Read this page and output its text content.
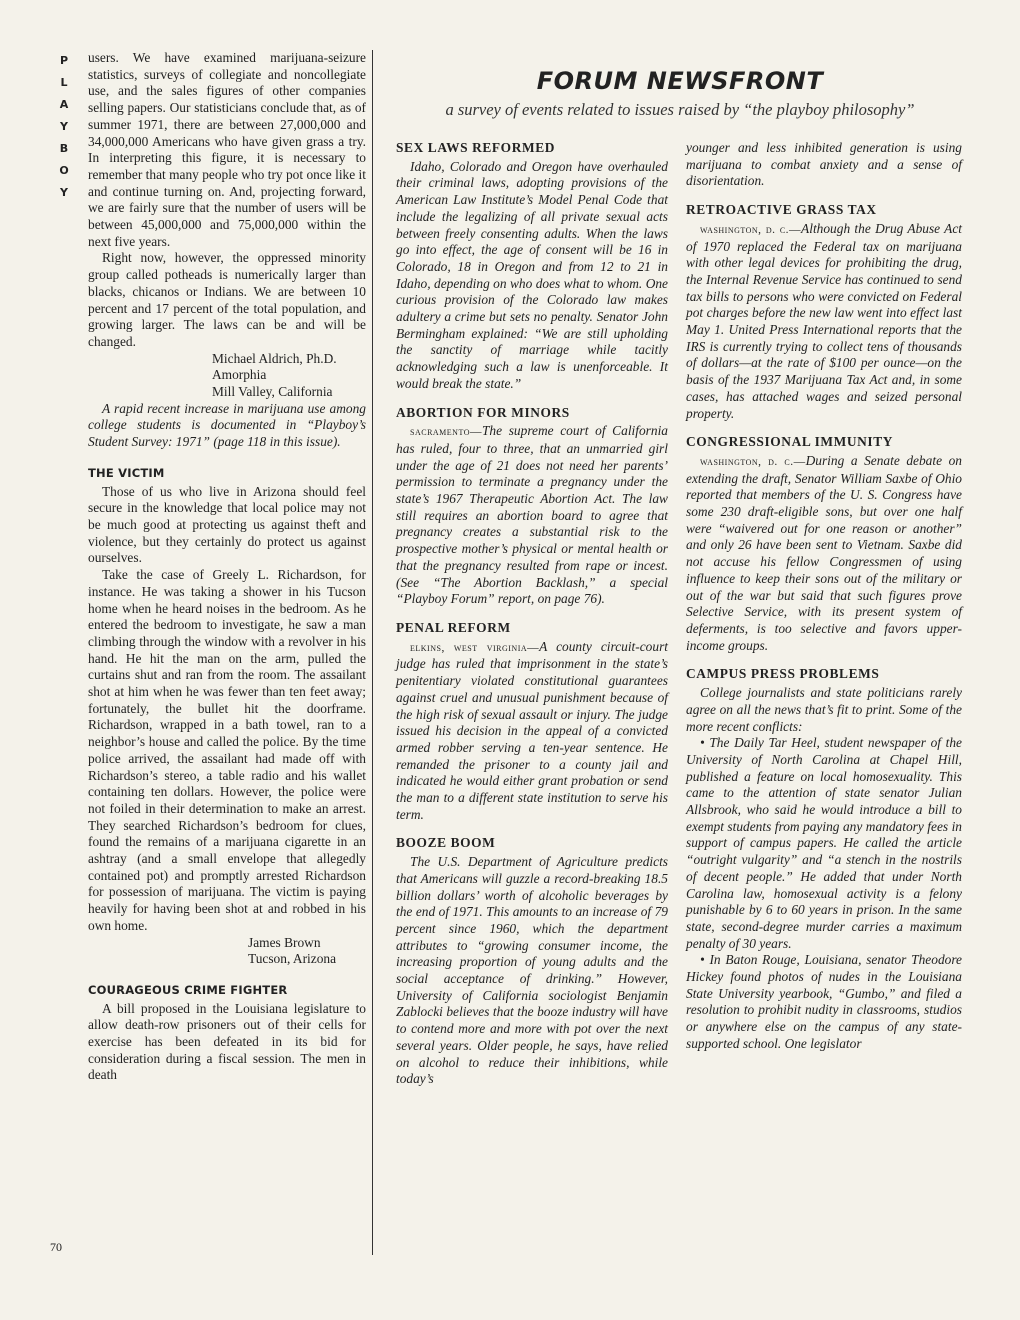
P
L
A
Y
B
O
Y
70

users. We have examined marijuana-seizure statistics, surveys of collegiate and noncollegiate use, and the sales figures of other companies selling papers. Our statisticians conclude that, as of summer 1971, there are between 27,000,000 and 34,000,000 Americans who have given grass a try. In interpreting this figure, it is necessary to remember that many people who try pot once like it and continue turning on. And, projecting forward, we are fairly sure that the number of users will be between 45,000,000 and 75,000,000 within the next five years.

Right now, however, the oppressed minority group called potheads is numerically larger than blacks, chicanos or Indians. We are between 10 percent and 17 percent of the total population, and growing larger. The laws can be and will be changed.

Michael Aldrich, Ph.D.

Amorphia

Mill Valley, California

A rapid recent increase in marijuana use among college students is documented in “Playboy’s Student Survey: 1971” (page 118 in this issue).

THE VICTIM

Those of us who live in Arizona should feel secure in the knowledge that local police may not be much good at protecting us against theft and violence, but they certainly do protect us against ourselves.

Take the case of Greely L. Richardson, for instance. He was taking a shower in his Tucson home when he heard noises in the bedroom. As he entered the bedroom to investigate, he saw a man climbing through the window with a revolver in his hand. He hit the man on the arm, pulled the curtains shut and ran from the room. The assailant shot at him when he was fewer than ten feet away; fortunately, the bullet hit the doorframe. Richardson, wrapped in a bath towel, ran to a neighbor’s house and called the police. By the time police arrived, the assailant had made off with Richardson’s stereo, a table radio and his wallet containing ten dollars. However, the police were not foiled in their determination to make an arrest. They searched Richardson’s bedroom for clues, found the remains of a marijuana cigarette in an ashtray (and a small envelope that allegedly contained pot) and promptly arrested Richardson for possession of marijuana. The victim is paying heavily for having been shot at and robbed in his own home.

James Brown

Tucson, Arizona

COURAGEOUS CRIME FIGHTER

A bill proposed in the Louisiana legislature to allow death-row prisoners out of their cells for exercise has been defeated in its bid for consideration during a fiscal session. The men in death

FORUM NEWSFRONT
a survey of events related to issues raised by “the playboy philosophy”
SEX LAWS REFORMED

Idaho, Colorado and Oregon have overhauled their criminal laws, adopting provisions of the American Law Institute’s Model Penal Code that include the legalizing of all private sexual acts between freely consenting adults. When the laws go into effect, the age of consent will be 16 in Colorado, 18 in Oregon and from 12 to 21 in Idaho, depending on who does what to whom. One curious provision of the Colorado law makes adultery a crime but sets no penalty. Senator John Bermingham explained: “We are still upholding the sanctity of marriage while tacitly acknowledging such a law is unenforceable. It would break the state.”

ABORTION FOR MINORS

sacramento—The supreme court of California has ruled, four to three, that an unmarried girl under the age of 21 does not need her parents’ permission to terminate a pregnancy under the state’s 1967 Therapeutic Abortion Act. The law still requires an abortion board to agree that pregnancy creates a substantial risk to the prospective mother’s physical or mental health or that the pregnancy resulted from rape or incest. (See “The Abortion Backlash,” a special “Playboy Forum” report, on page 76).

PENAL REFORM

elkins, west virginia—A county circuit-court judge has ruled that imprisonment in the state’s penitentiary violated constitutional guarantees against cruel and unusual punishment because of the high risk of sexual assault or injury. The judge issued his decision in the appeal of a convicted armed robber serving a ten-year sentence. He remanded the prisoner to a county jail and indicated he would either grant probation or send the man to a different state institution to serve his term.

BOOZE BOOM

The U.S. Department of Agriculture predicts that Americans will guzzle a record-breaking 18.5 billion dollars’ worth of alcoholic beverages by the end of 1971. This amounts to an increase of 79 percent since 1960, which the department attributes to “growing consumer income, the increasing proportion of young adults and the social acceptance of drinking.” However, University of California sociologist Benjamin Zablocki believes that the booze industry will have to contend more and more with pot over the next several years. Older people, he says, have relied on alcohol to reduce their inhibitions, while today’s

younger and less inhibited generation is using marijuana to combat anxiety and a sense of disorientation.

RETROACTIVE GRASS TAX

washington, d. c.—Although the Drug Abuse Act of 1970 replaced the Federal tax on marijuana with other legal devices for prohibiting the drug, the Internal Revenue Service has continued to send tax bills to persons who were convicted on Federal pot charges before the new law went into effect last May 1. United Press International reports that the IRS is currently trying to collect tens of thousands of dollars—at the rate of $100 per ounce—on the basis of the 1937 Marijuana Tax Act and, in some cases, has attached wages and seized personal property.

CONGRESSIONAL IMMUNITY

washington, d. c.—During a Senate debate on extending the draft, Senator William Saxbe of Ohio reported that members of the U. S. Congress have some 230 draft-eligible sons, but over one half were “waivered out for one reason or another” and only 26 have been sent to Vietnam. Saxbe did not accuse his fellow Congressmen of using influence to keep their sons out of the military or out of the war but said that such figures prove Selective Service, with its present system of deferments, is too selective and favors upper-income groups.

CAMPUS PRESS PROBLEMS

College journalists and state politicians rarely agree on all the news that’s fit to print. Some of the more recent conflicts:

• The Daily Tar Heel, student newspaper of the University of North Carolina at Chapel Hill, published a feature on local homosexuality. This came to the attention of state senator Julian Allsbrook, who said he would introduce a bill to exempt students from paying any mandatory fees in support of campus papers. He called the article “outright vulgarity” and “a stench in the nostrils of decent people.” He added that under North Carolina law, homosexual activity is a felony punishable by 6 to 60 years in prison. In the same state, second-degree murder carries a maximum penalty of 30 years.

• In Baton Rouge, Louisiana, senator Theodore Hickey found photos of nudes in the Louisiana State University yearbook, “Gumbo,” and filed a resolution to prohibit nudity in classrooms, studios or anywhere else on the campus of any state-supported school. One legislator
